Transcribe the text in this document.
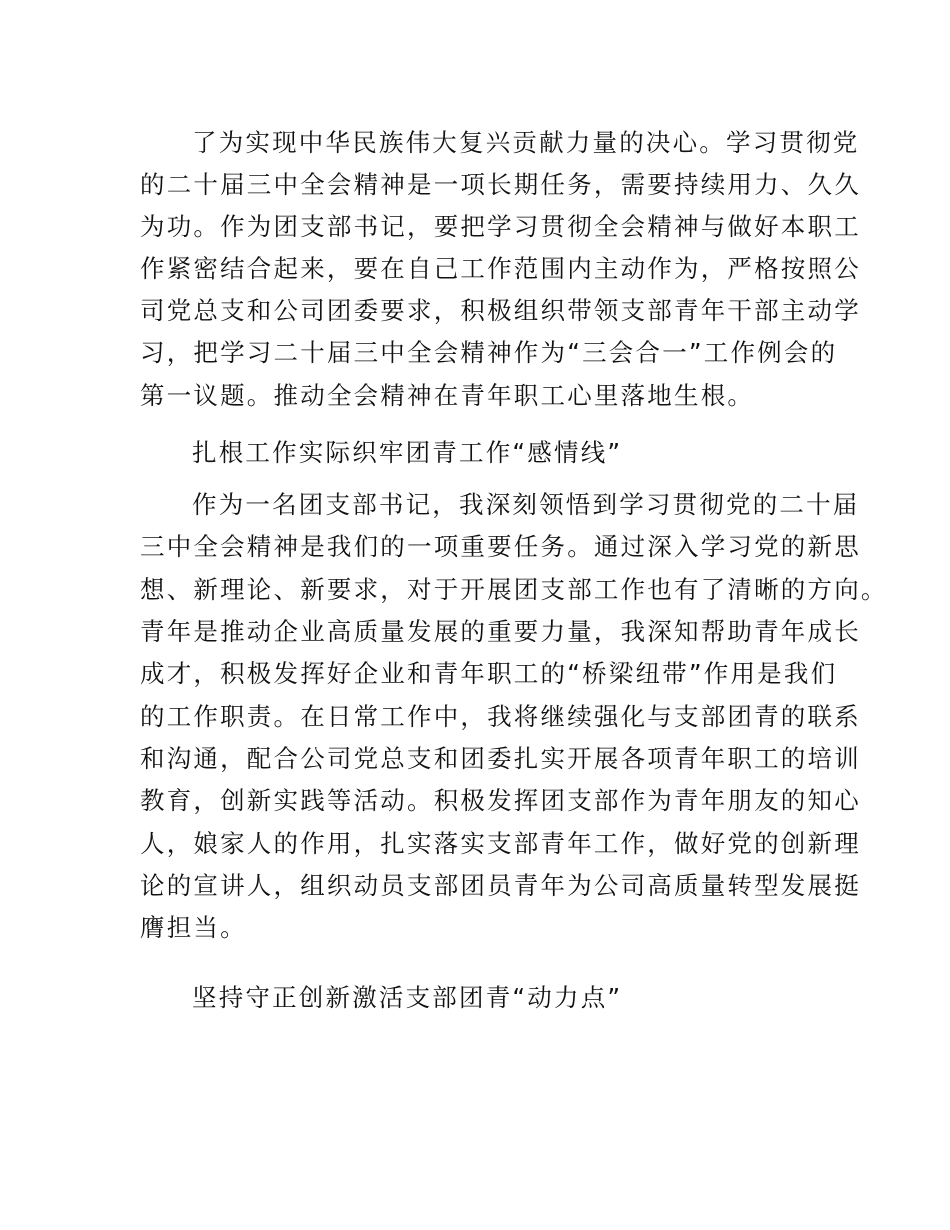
了为实现中华民族伟大复兴贡献力量的决心。学习贯彻党
的二十届三中全会精神是一项长期任务，需要持续用力、久久
为功。作为团支部书记，要把学习贯彻全会精神与做好本职工
作紧密结合起来，要在自己工作范围内主动作为，严格按照公
司党总支和公司团委要求，积极组织带领支部青年干部主动学
习，把学习二十届三中全会精神作为“三会合一”工作例会的
第一议题。推动全会精神在青年职工心里落地生根。
扎根工作实际织牢团青工作“感情线”
作为一名团支部书记，我深刻领悟到学习贯彻党的二十届
三中全会精神是我们的一项重要任务。通过深入学习党的新思
想、新理论、新要求，对于开展团支部工作也有了清晰的方向。
青年是推动企业高质量发展的重要力量，我深知帮助青年成长
成才，积极发挥好企业和青年职工的“桥梁纽带”作用是我们
的工作职责。在日常工作中，我将继续强化与支部团青的联系
和沟通，配合公司党总支和团委扎实开展各项青年职工的培训
教育，创新实践等活动。积极发挥团支部作为青年朋友的知心
人，娘家人的作用，扎实落实支部青年工作，做好党的创新理
论的宣讲人，组织动员支部团员青年为公司高质量转型发展挺
膺担当。
坚持守正创新激活支部团青“动力点”
